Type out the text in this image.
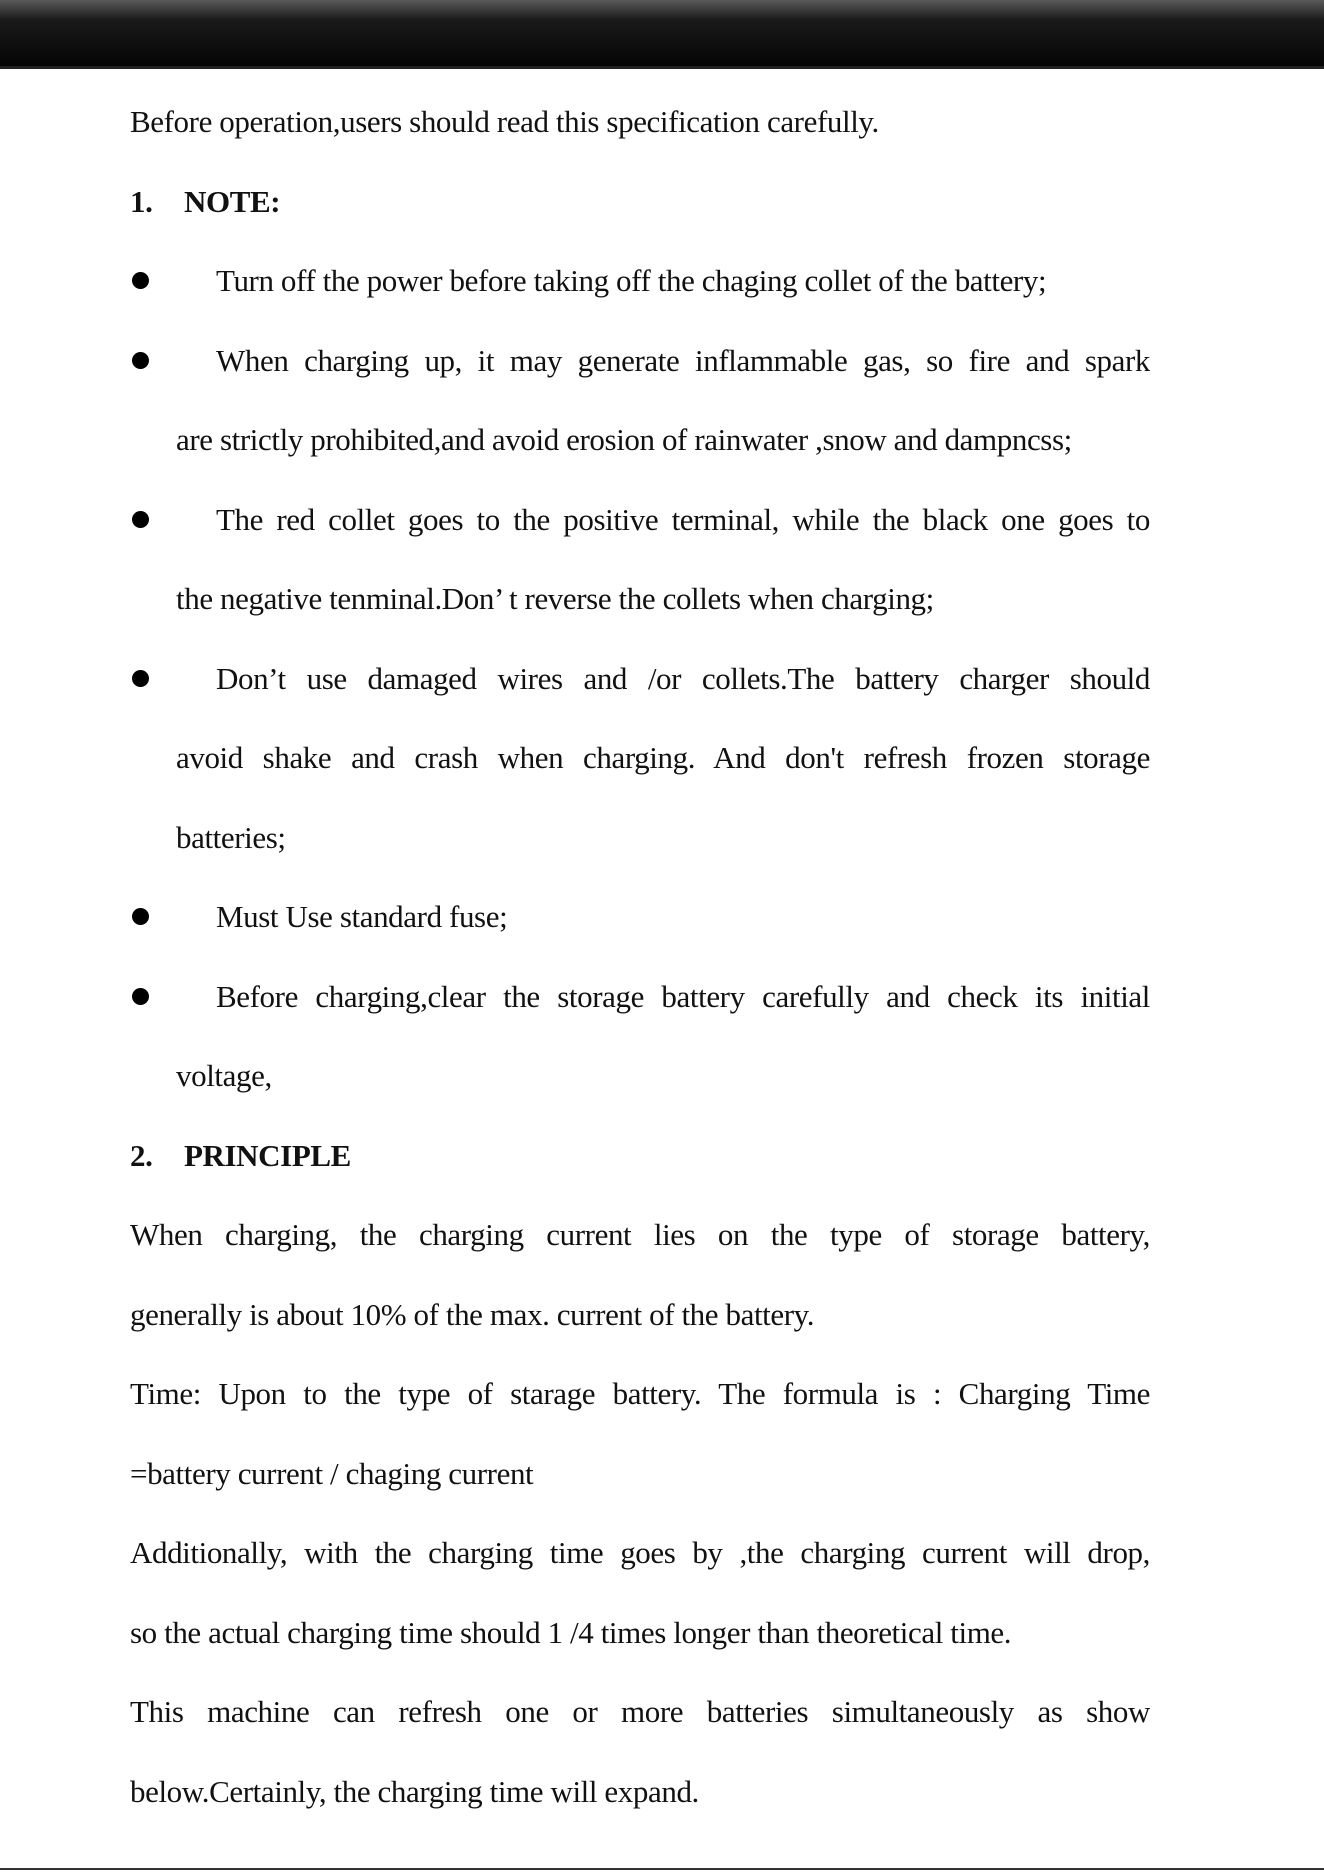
Before operation,users should read this specification carefully.
1. NOTE:
Turn off the power before taking off the chaging collet of the battery;
When charging up, it may generate inflammable gas, so fire and spark
are strictly prohibited,and avoid erosion of rainwater ,snow and dampncss;
The red collet goes to the positive terminal, while the black one goes to
the negative tenminal.Don’ t reverse the collets when charging;
Don’t use damaged wires and /or collets.The battery charger should
avoid shake and crash when charging. And don't refresh frozen storage
batteries;
Must Use standard fuse;
Before charging,clear the storage battery carefully and check its initial
voltage,
2. PRINCIPLE
When charging, the charging current lies on the type of storage battery,
generally is about 10% of the max. current of the battery.
Time: Upon to the type of starage battery. The formula is : Charging Time
=battery current / chaging current
Additionally, with the charging time goes by ,the charging current will drop,
so the actual charging time should 1 /4 times longer than theoretical time.
This machine can refresh one or more batteries simultaneously as show
below.Certainly, the charging time will expand.
